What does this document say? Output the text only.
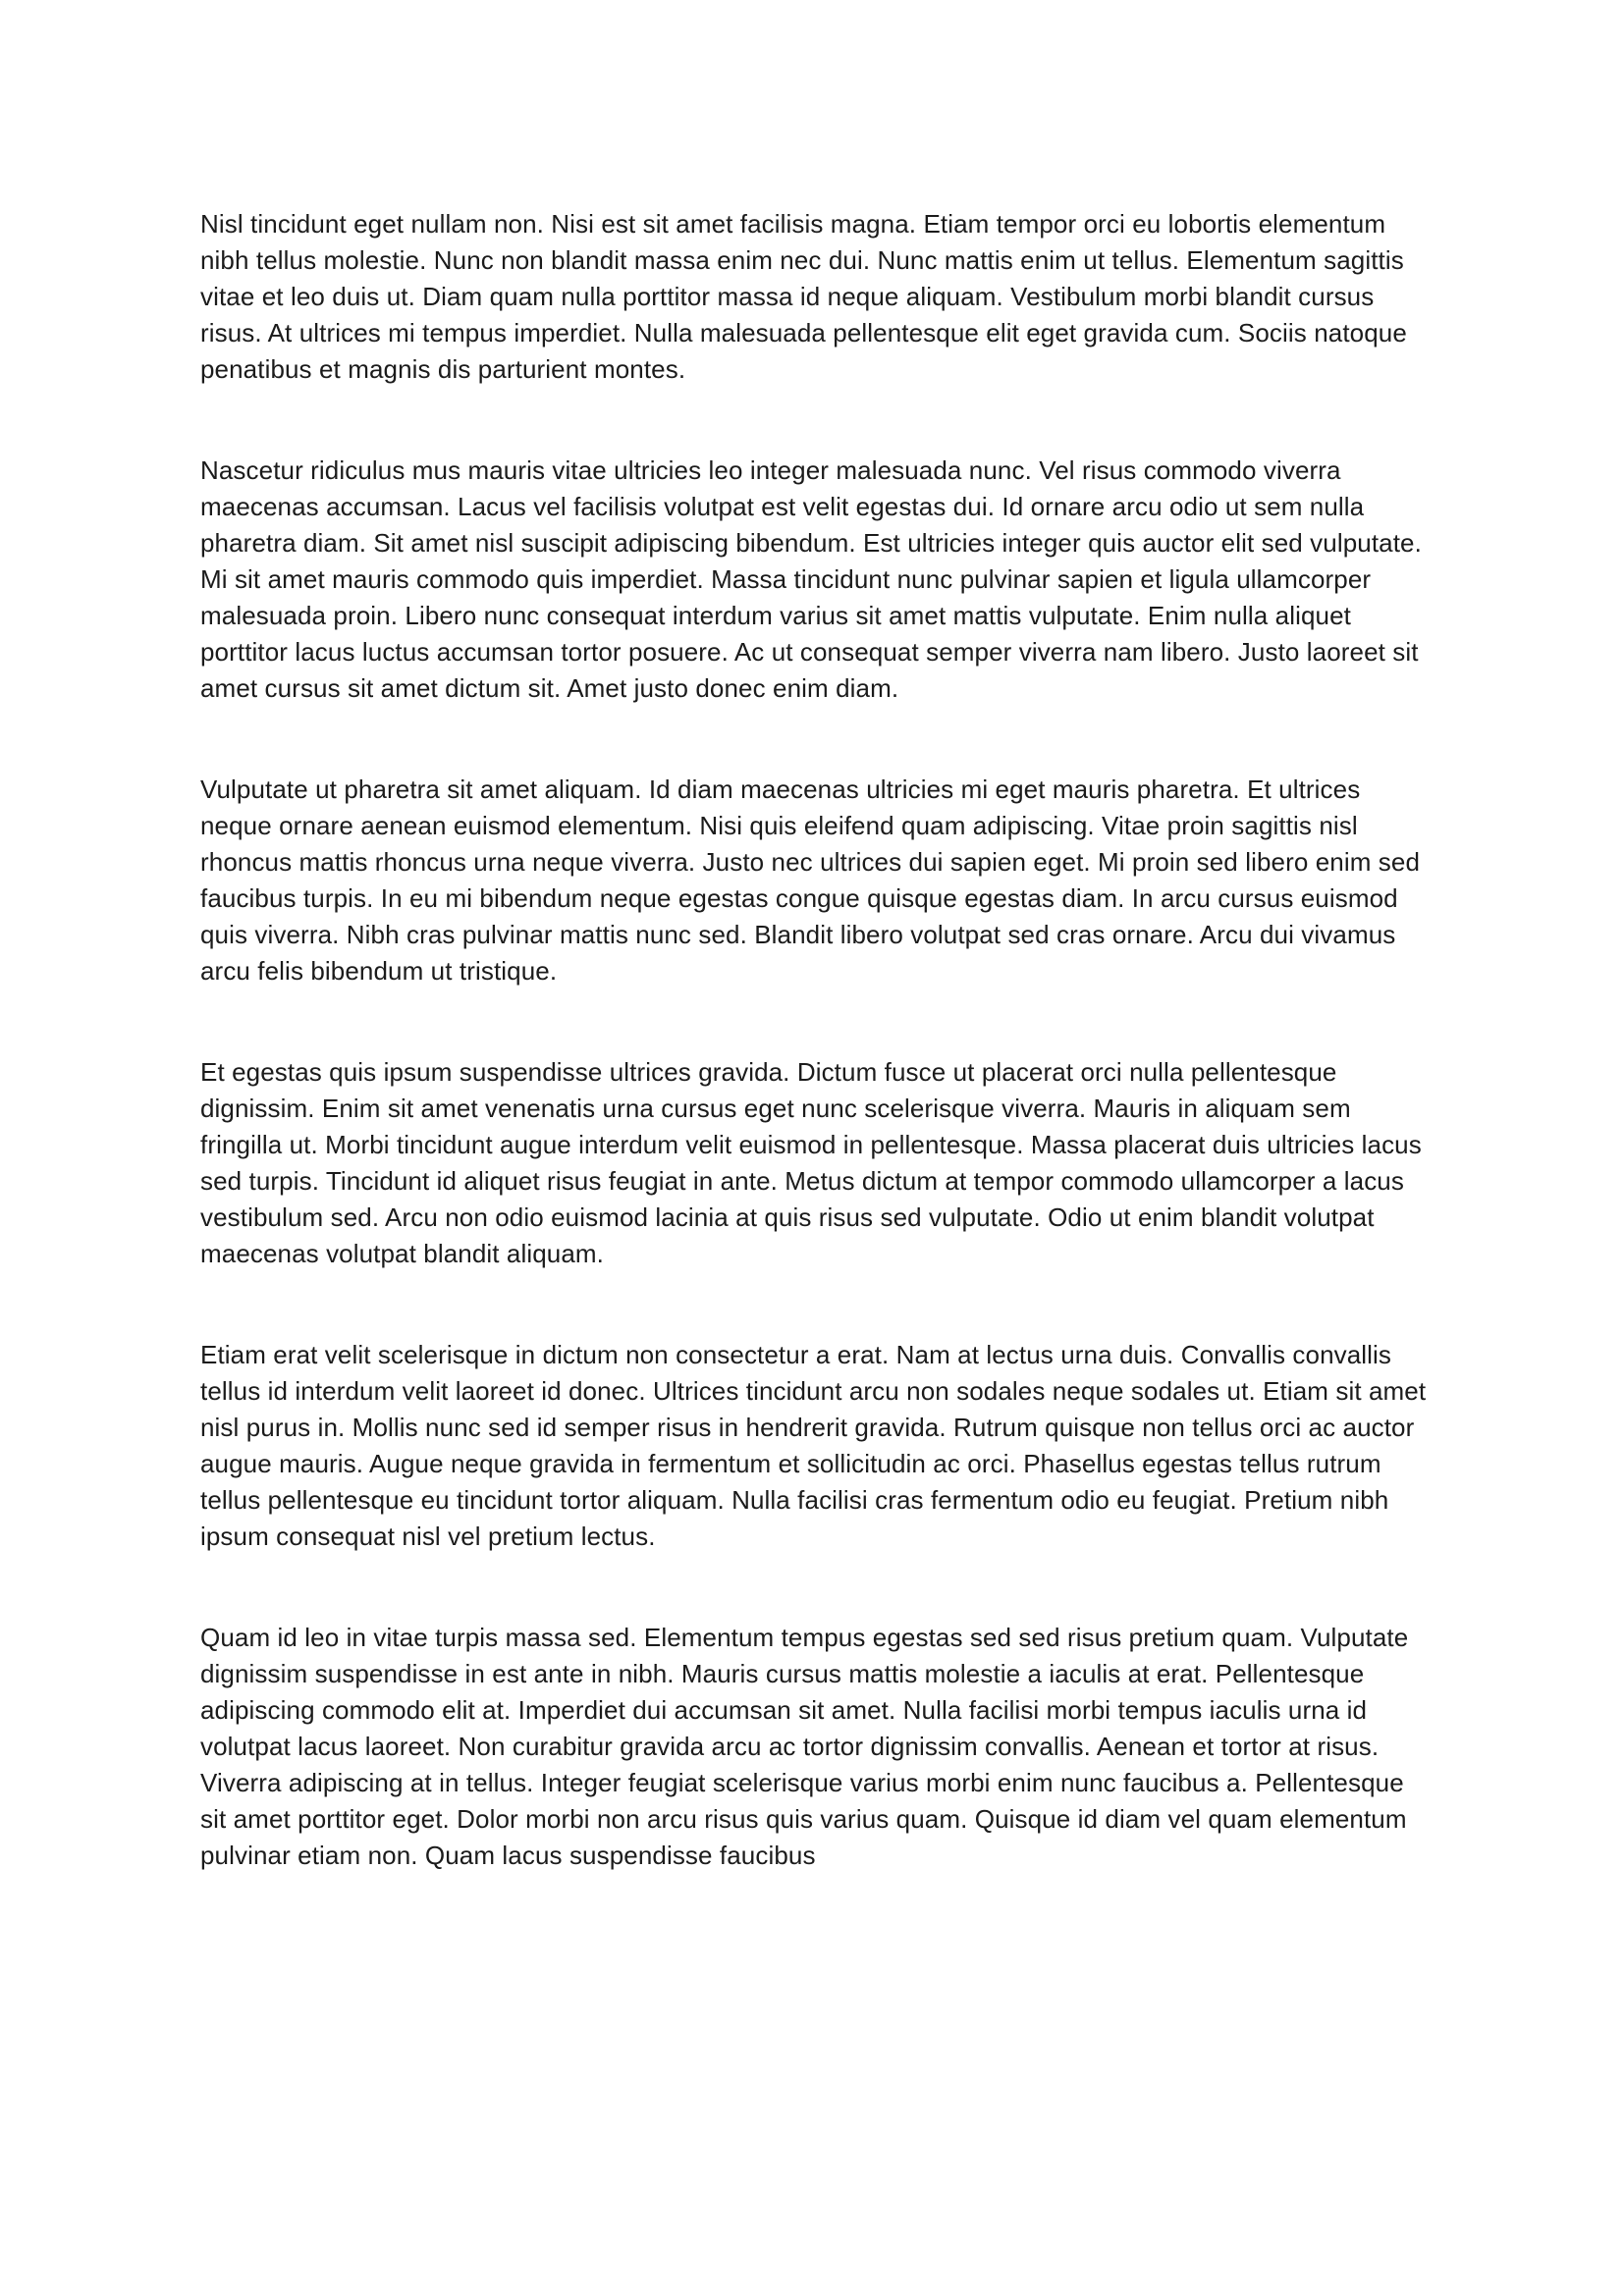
Nisl tincidunt eget nullam non. Nisi est sit amet facilisis magna. Etiam tempor orci eu lobortis elementum nibh tellus molestie. Nunc non blandit massa enim nec dui. Nunc mattis enim ut tellus. Elementum sagittis vitae et leo duis ut. Diam quam nulla porttitor massa id neque aliquam. Vestibulum morbi blandit cursus risus. At ultrices mi tempus imperdiet. Nulla malesuada pellentesque elit eget gravida cum. Sociis natoque penatibus et magnis dis parturient montes.

Nascetur ridiculus mus mauris vitae ultricies leo integer malesuada nunc. Vel risus commodo viverra maecenas accumsan. Lacus vel facilisis volutpat est velit egestas dui. Id ornare arcu odio ut sem nulla pharetra diam. Sit amet nisl suscipit adipiscing bibendum. Est ultricies integer quis auctor elit sed vulputate. Mi sit amet mauris commodo quis imperdiet. Massa tincidunt nunc pulvinar sapien et ligula ullamcorper malesuada proin. Libero nunc consequat interdum varius sit amet mattis vulputate. Enim nulla aliquet porttitor lacus luctus accumsan tortor posuere. Ac ut consequat semper viverra nam libero. Justo laoreet sit amet cursus sit amet dictum sit. Amet justo donec enim diam.

Vulputate ut pharetra sit amet aliquam. Id diam maecenas ultricies mi eget mauris pharetra. Et ultrices neque ornare aenean euismod elementum. Nisi quis eleifend quam adipiscing. Vitae proin sagittis nisl rhoncus mattis rhoncus urna neque viverra. Justo nec ultrices dui sapien eget. Mi proin sed libero enim sed faucibus turpis. In eu mi bibendum neque egestas congue quisque egestas diam. In arcu cursus euismod quis viverra. Nibh cras pulvinar mattis nunc sed. Blandit libero volutpat sed cras ornare. Arcu dui vivamus arcu felis bibendum ut tristique.

Et egestas quis ipsum suspendisse ultrices gravida. Dictum fusce ut placerat orci nulla pellentesque dignissim. Enim sit amet venenatis urna cursus eget nunc scelerisque viverra. Mauris in aliquam sem fringilla ut. Morbi tincidunt augue interdum velit euismod in pellentesque. Massa placerat duis ultricies lacus sed turpis. Tincidunt id aliquet risus feugiat in ante. Metus dictum at tempor commodo ullamcorper a lacus vestibulum sed. Arcu non odio euismod lacinia at quis risus sed vulputate. Odio ut enim blandit volutpat maecenas volutpat blandit aliquam.

Etiam erat velit scelerisque in dictum non consectetur a erat. Nam at lectus urna duis. Convallis convallis tellus id interdum velit laoreet id donec. Ultrices tincidunt arcu non sodales neque sodales ut. Etiam sit amet nisl purus in. Mollis nunc sed id semper risus in hendrerit gravida. Rutrum quisque non tellus orci ac auctor augue mauris. Augue neque gravida in fermentum et sollicitudin ac orci. Phasellus egestas tellus rutrum tellus pellentesque eu tincidunt tortor aliquam. Nulla facilisi cras fermentum odio eu feugiat. Pretium nibh ipsum consequat nisl vel pretium lectus.

Quam id leo in vitae turpis massa sed. Elementum tempus egestas sed sed risus pretium quam. Vulputate dignissim suspendisse in est ante in nibh. Mauris cursus mattis molestie a iaculis at erat. Pellentesque adipiscing commodo elit at. Imperdiet dui accumsan sit amet. Nulla facilisi morbi tempus iaculis urna id volutpat lacus laoreet. Non curabitur gravida arcu ac tortor dignissim convallis. Aenean et tortor at risus. Viverra adipiscing at in tellus. Integer feugiat scelerisque varius morbi enim nunc faucibus a. Pellentesque sit amet porttitor eget. Dolor morbi non arcu risus quis varius quam. Quisque id diam vel quam elementum pulvinar etiam non. Quam lacus suspendisse faucibus
